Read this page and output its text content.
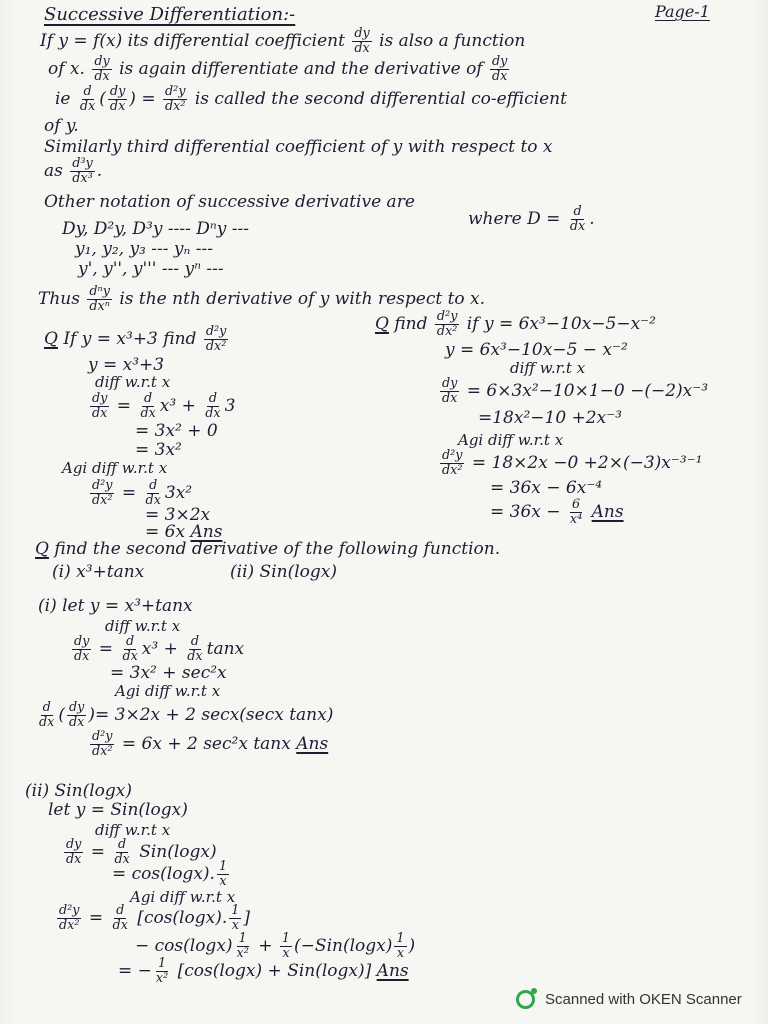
Successive Differentiation:-	Page-1
If y = f(x) its differential coefficient $\frac{dy}{dx}$ is also a function
of x. $\frac{dy}{dx}$ is again differentiate and the derivative of $\frac{dy}{dx}$
ie $\frac{d}{dx}$ ( $\frac{dy}{dx}$ ) = $\frac{\text{d²y}}{\text{dx²}}$ is called the second differential co-efficient
of y.
Similarly third differential coefficient of y with respect to x
as $\frac{\text{d³y}}{\text{dx³}}$ .
Other notation of successive derivative are
Dy, D²y, D³y ---- Dⁿy ---
where $D = \frac{d}{dx}$ .
y₁, y₂, y₃ --- yₙ ---
y', y'', y''' --- yⁿ ---
Thus $\frac{\text{dⁿy}}{\text{dxⁿ}}$ is the nth derivative of y with respect to x.
Q If y = x³+3 find $\frac{\text{d²y}}{\text{dx²}}$
y = x³+3
diff w.r.t x
$\frac{dy}{dx} = \frac{d}{dx} x^3 + \frac{d}{dx} 3$
= 3x² + 0
= 3x²
Agi diff w.r.t x
$\frac{\text{d²y}}{\text{dx²}} = \frac{d}{dx} 3x^2$
= 3×2x
= 6x Ans
Q find $\frac{\text{d²y}}{\text{dx²}}$ if y = 6x³−10x−5−x⁻²
y = 6x³−10x−5 − x⁻²
diff w.r.t x
$\frac{dy}{dx} = 6\times 3x^2-10\times 1-0 -(-2)x^{-3}$
=18x²−10 +2x⁻³
Agi diff w.r.t x
$\frac{\text{d²y}}{\text{dx²}} = 18\times 2x -0 +2\times(-3)x^{-3-1}$
= 36x − 6x⁻⁴
= $36x - \frac{6}{\text{x⁴}}$
Ans
Q find the second derivative of the following function.
(i) x³+tanx	(ii) Sin(logx)
(i) let y = x³+tanx
diff w.r.t x
$\frac{dy}{dx} = \frac{d}{dx} x^3 + \frac{d}{dx}$ tanx
= 3x² + sec²x
Agi diff w.r.t x
$\frac{d}{dx}$ ( $\frac{dy}{dx}$ )= 3×2x + 2 secx(secx tanx)
$\frac{\text{d²y}}{\text{dx²}} = 6x + 2$ sec²x tanx Ans
(ii) Sin(logx)
let y = Sin(logx)
diff w.r.t x
$\frac{dy}{dx} = \frac{d}{dx} Sin(\log x)$
= cos(logx). $\frac{1}{x}$
Agi diff w.r.t x
$\frac{\text{d²y}}{\text{dx²}} = \frac{d}{dx} [\cos(\log x)$. $\frac{1}{x}$ ]
− $\cos(\log x) \frac{1}{\text{x²}} + \frac{1}{x} (-Sin(\log x) \frac{1}{x}$ )
= − $\frac{1}{\text{x²}} [\cos(\log x) + Sin(\log x)]$ Ans
Scanned with OKEN Scanner
